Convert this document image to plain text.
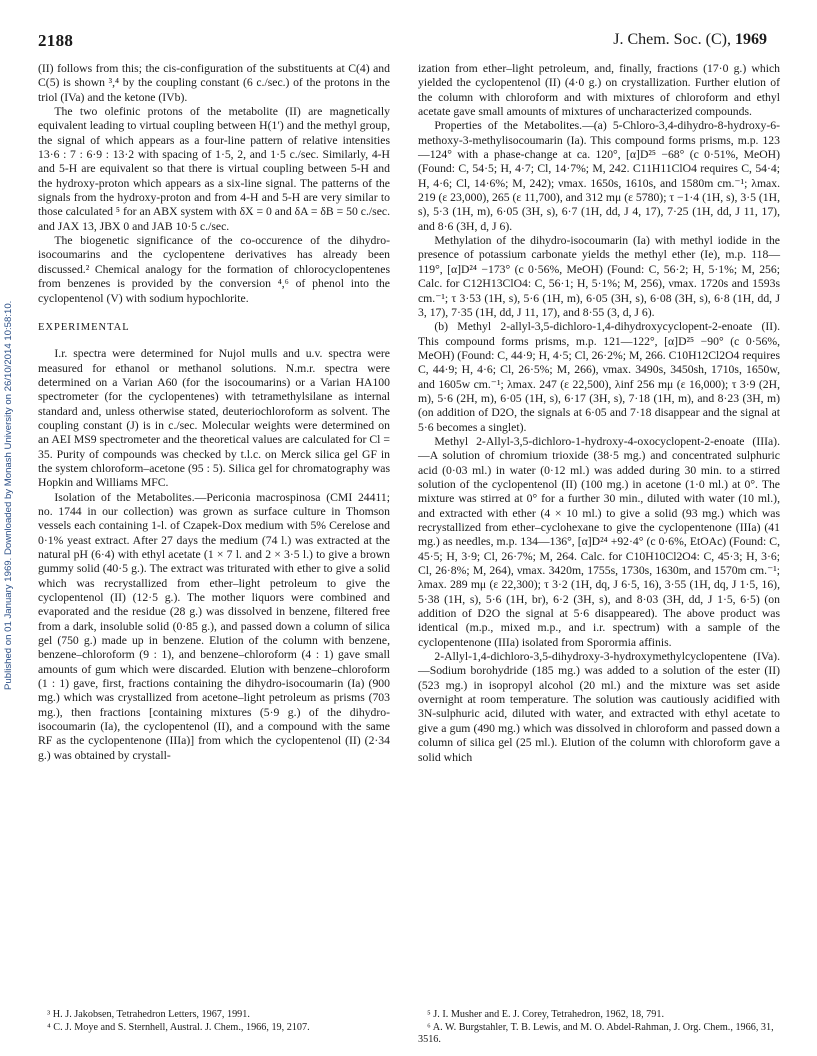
2188	J. Chem. Soc. (C), 1969
Published on 01 January 1969. Downloaded by Monash University on 26/10/2014 10:58:10.

(II) follows from this; the cis-configuration of the substituents at C(4) and C(5) is shown ³,⁴ by the coupling constant (6 c./sec.) of the protons in the triol (IVa) and the ketone (IVb).

The two olefinic protons of the metabolite (II) are magnetically equivalent leading to virtual coupling between H(1′) and the methyl group, the signal of which appears as a four-line pattern of relative intensities 13·6 : 7 : 6·9 : 13·2 with spacing of 1·5, 2, and 1·5 c./sec. Similarly, 4-H and 5-H are equivalent so that there is virtual coupling between 5-H and the hydroxy-proton which appears as a six-line signal. The patterns of the signals from the hydroxy-proton and from 4-H and 5-H are very similar to those calculated ⁵ for an ABX system with δX = 0 and δA = δB = 50 c./sec. and JAX 13, JBX 0 and JAB 10·5 c./sec.

The biogenetic significance of the co-occurence of the dihydro-isocoumarins and the cyclopentene derivatives has already been discussed.² Chemical analogy for the formation of chlorocyclopentenes from benzenes is provided by the conversion ⁴,⁶ of phenol into the cyclopentenol (V) with sodium hypochlorite.

EXPERIMENTAL

I.r. spectra were determined for Nujol mulls and u.v. spectra were measured for ethanol or methanol solutions. N.m.r. spectra were determined on a Varian A60 (for the isocoumarins) or a Varian HA100 spectrometer (for the cyclopentenes) with tetramethylsilane as internal standard and, unless otherwise stated, deuteriochloroform as solvent. The coupling constant (J) is in c./sec. Molecular weights were determined on an AEI MS9 spectrometer and the theoretical values are calculated for Cl = 35. Purity of compounds was checked by t.l.c. on Merck silica gel GF in the system chloroform–acetone (95 : 5). Silica gel for chromatography was Hopkin and Williams MFC.

Isolation of the Metabolites.—Periconia macrospinosa (CMI 24411; no. 1744 in our collection) was grown as surface culture in Thomson vessels each containing 1-l. of Czapek-Dox medium with 5% Cerelose and 0·1% yeast extract. After 27 days the medium (74 l.) was extracted at the natural pH (6·4) with ethyl acetate (1 × 7 l. and 2 × 3·5 l.) to give a brown gummy solid (40·5 g.). The extract was triturated with ether to give a solid which was recrystallized from ether–light petroleum to give the cyclopentenol (II) (12·5 g.). The mother liquors were combined and evaporated and the residue (28 g.) was dissolved in benzene, filtered free from a dark, insoluble solid (0·85 g.), and passed down a column of silica gel (750 g.) made up in benzene. Elution of the column with benzene, benzene–chloroform (9 : 1), and benzene–chloroform (4 : 1) gave small amounts of gum which were discarded. Elution with benzene–chloroform (1 : 1) gave, first, fractions containing the dihydro-isocoumarin (Ia) (900 mg.) which was crystallized from acetone–light petroleum as prisms (703 mg.), then fractions [containing mixtures (5·9 g.) of the dihydro-isocoumarin (Ia), the cyclopentenol (II), and a compound with the same RF as the cyclopentenone (IIIa)] from which the cyclopentenol (II) (2·34 g.) was obtained by crystall-

ization from ether–light petroleum, and, finally, fractions (17·0 g.) which yielded the cyclopentenol (II) (4·0 g.) on crystallization. Further elution of the column with chloroform and with mixtures of chloroform and ethyl acetate gave small amounts of mixtures of uncharacterized compounds.

Properties of the Metabolites.—(a) 5-Chloro-3,4-dihydro-8-hydroxy-6-methoxy-3-methylisocoumarin (Ia). This compound forms prisms, m.p. 123—124° with a phase-change at ca. 120°, [α]D²⁵ −68° (c 0·51%, MeOH) (Found: C, 54·5; H, 4·7; Cl, 14·7%; M, 242. C11H11ClO4 requires C, 54·4; H, 4·6; Cl, 14·6%; M, 242); νmax. 1650s, 1610s, and 1580m cm.⁻¹; λmax. 219 (ε 23,000), 265 (ε 11,700), and 312 mμ (ε 5780); τ −1·4 (1H, s), 3·5 (1H, s), 5·3 (1H, m), 6·05 (3H, s), 6·7 (1H, dd, J 4, 17), 7·25 (1H, dd, J 11, 17), and 8·6 (3H, d, J 6).

Methylation of the dihydro-isocoumarin (Ia) with methyl iodide in the presence of potassium carbonate yields the methyl ether (Ie), m.p. 118—119°, [α]D²⁴ −173° (c 0·56%, MeOH) (Found: C, 56·2; H, 5·1%; M, 256; Calc. for C12H13ClO4: C, 56·1; H, 5·1%; M, 256), νmax. 1720s and 1593s cm.⁻¹; τ 3·53 (1H, s), 5·6 (1H, m), 6·05 (3H, s), 6·08 (3H, s), 6·8 (1H, dd, J 3, 17), 7·35 (1H, dd, J 11, 17), and 8·55 (3, d, J 6).

(b) Methyl 2-allyl-3,5-dichloro-1,4-dihydroxycyclopent-2-enoate (II). This compound forms prisms, m.p. 121—122°, [α]D²⁵ −90° (c 0·56%, MeOH) (Found: C, 44·9; H, 4·5; Cl, 26·2%; M, 266. C10H12Cl2O4 requires C, 44·9; H, 4·6; Cl, 26·5%; M, 266), νmax. 3490s, 3450sh, 1710s, 1650w, and 1605w cm.⁻¹; λmax. 247 (ε 22,500), λinf 256 mμ (ε 16,000); τ 3·9 (2H, m), 5·6 (2H, m), 6·05 (1H, s), 6·17 (3H, s), 7·18 (1H, m), and 8·23 (3H, m) (on addition of D2O, the signals at 6·05 and 7·18 disappear and the signal at 5·6 becomes a singlet).

Methyl 2-Allyl-3,5-dichloro-1-hydroxy-4-oxocyclopent-2-enoate (IIIa).—A solution of chromium trioxide (38·5 mg.) and concentrated sulphuric acid (0·03 ml.) in water (0·12 ml.) was added during 30 min. to a stirred solution of the cyclopentenol (II) (100 mg.) in acetone (1·0 ml.) at 0°. The mixture was stirred at 0° for a further 30 min., diluted with water (10 ml.), and extracted with ether (4 × 10 ml.) to give a solid (93 mg.) which was recrystallized from ether–cyclohexane to give the cyclopentenone (IIIa) (41 mg.) as needles, m.p. 134—136°, [α]D²⁴ +92·4° (c 0·6%, EtOAc) (Found: C, 45·5; H, 3·9; Cl, 26·7%; M, 264. Calc. for C10H10Cl2O4: C, 45·3; H, 3·6; Cl, 26·8%; M, 264), νmax. 3420m, 1755s, 1730s, 1630m, and 1570m cm.⁻¹; λmax. 289 mμ (ε 22,300); τ 3·2 (1H, dq, J 6·5, 16), 3·55 (1H, dq, J 1·5, 16), 5·38 (1H, s), 5·6 (1H, br), 6·2 (3H, s), and 8·03 (3H, dd, J 1·5, 6·5) (on addition of D2O the signal at 5·6 disappeared). The above product was identical (m.p., mixed m.p., and i.r. spectrum) with a sample of the cyclopentenone (IIIa) isolated from Sporormia affinis.

2-Allyl-1,4-dichloro-3,5-dihydroxy-3-hydroxymethylcyclopentene (IVa).—Sodium borohydride (185 mg.) was added to a solution of the ester (II) (523 mg.) in isopropyl alcohol (20 ml.) and the mixture was set aside overnight at room temperature. The solution was cautiously acidified with 3N-sulphuric acid, diluted with water, and extracted with ethyl acetate to give a gum (490 mg.) which was dissolved in chloroform and passed down a column of silica gel (25 ml.). Elution of the column with chloroform gave a solid which

³ H. J. Jakobsen, Tetrahedron Letters, 1967, 1991.

⁴ C. J. Moye and S. Sternhell, Austral. J. Chem., 1966, 19, 2107.

⁵ J. I. Musher and E. J. Corey, Tetrahedron, 1962, 18, 791.

⁶ A. W. Burgstahler, T. B. Lewis, and M. O. Abdel-Rahman, J. Org. Chem., 1966, 31, 3516.
